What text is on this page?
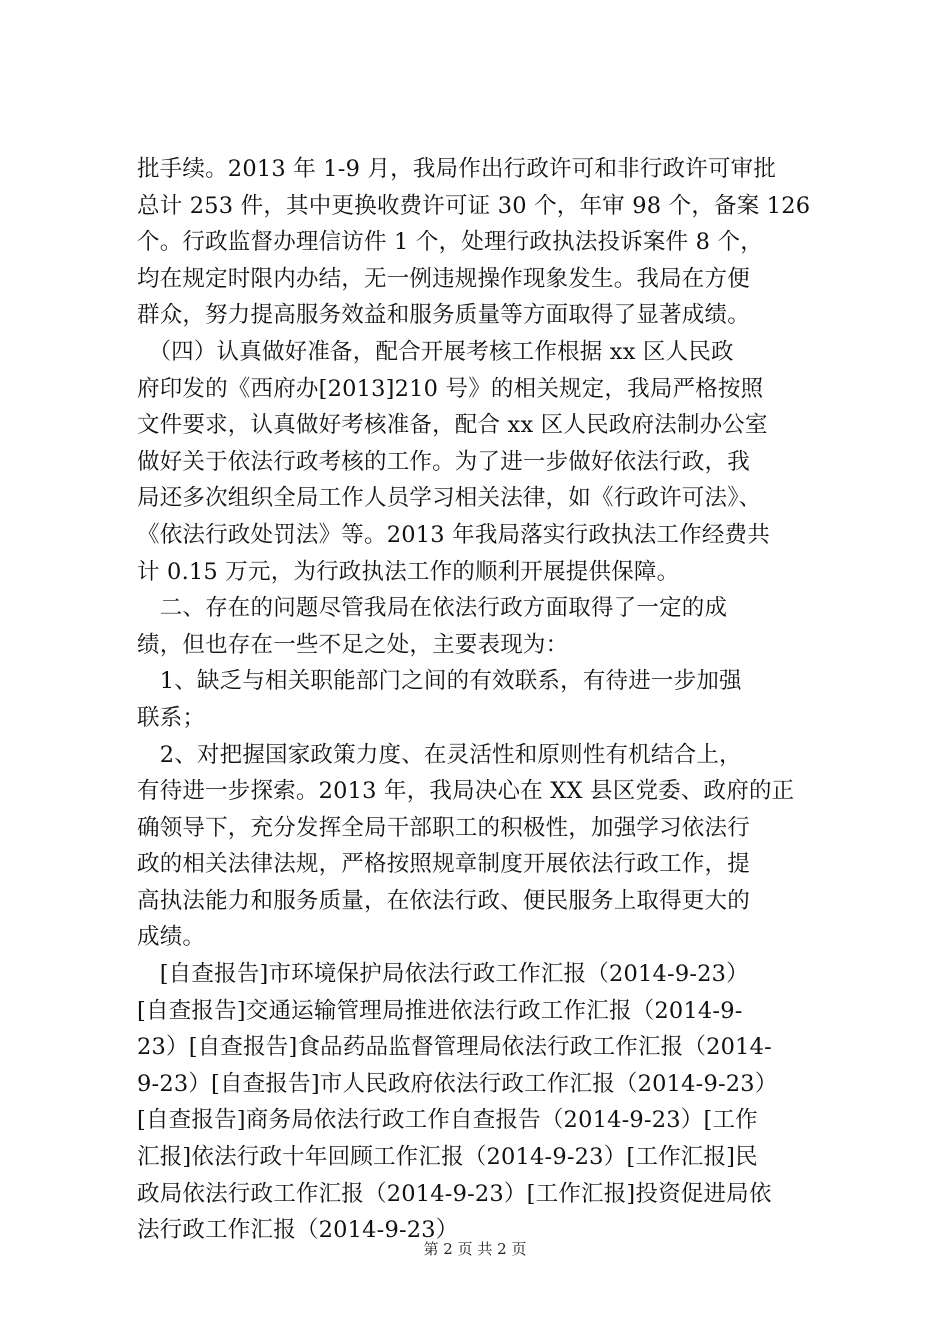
批手续。2013 年 1-9 月，我局作出行政许可和非行政许可审批
总计 253 件，其中更换收费许可证 30 个，年审 98 个，备案 126
个。行政监督办理信访件 1 个，处理行政执法投诉案件 8 个，
均在规定时限内办结，无一例违规操作现象发生。我局在方便
群众，努力提高服务效益和服务质量等方面取得了显著成绩。
　（四）认真做好准备，配合开展考核工作根据 xx 区人民政
府印发的《西府办[2013]210 号》的相关规定，我局严格按照
文件要求，认真做好考核准备，配合 xx 区人民政府法制办公室
做好关于依法行政考核的工作。为了进一步做好依法行政，我
局还多次组织全局工作人员学习相关法律，如《行政许可法》、
《依法行政处罚法》等。2013 年我局落实行政执法工作经费共
计 0.15 万元，为行政执法工作的顺利开展提供保障。
　二、存在的问题尽管我局在依法行政方面取得了一定的成
绩，但也存在一些不足之处，主要表现为：
　1、缺乏与相关职能部门之间的有效联系，有待进一步加强
联系；
　2、对把握国家政策力度、在灵活性和原则性有机结合上，
有待进一步探索。2013 年，我局决心在 XX 县区党委、政府的正
确领导下，充分发挥全局干部职工的积极性，加强学习依法行
政的相关法律法规，严格按照规章制度开展依法行政工作，提
高执法能力和服务质量，在依法行政、便民服务上取得更大的
成绩。
　[自查报告]市环境保护局依法行政工作汇报（2014-9-23）
[自查报告]交通运输管理局推进依法行政工作汇报（2014-9-
23）[自查报告]食品药品监督管理局依法行政工作汇报（2014-
9-23）[自查报告]市人民政府依法行政工作汇报（2014-9-23）
[自查报告]商务局依法行政工作自查报告（2014-9-23）[工作
汇报]依法行政十年回顾工作汇报（2014-9-23）[工作汇报]民
政局依法行政工作汇报（2014-9-23）[工作汇报]投资促进局依
法行政工作汇报（2014-9-23）
第 2 页 共 2 页
